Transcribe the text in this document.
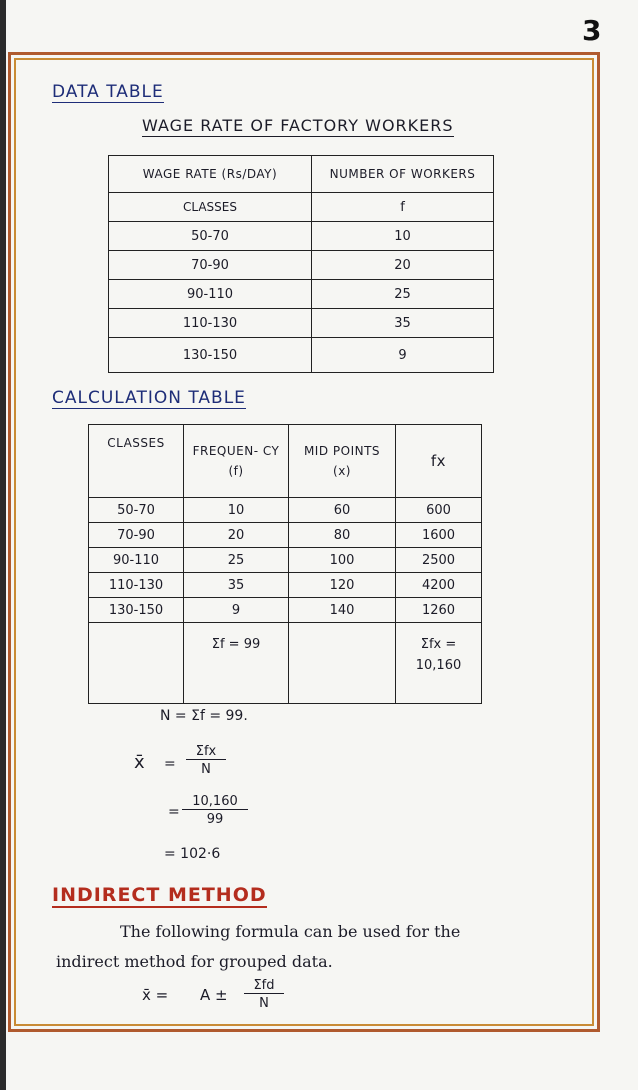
3
DATA TABLE
WAGE RATE OF FACTORY WORKERS
WAGE RATE (Rs/DAY)	NUMBER OF WORKERS
CLASSES	f
50-70	10
70-90	20
90-110	25
110-130	35
130-150	9
CALCULATION TABLE
CLASSES	FREQUEN- CY (f)	MID POINTS (x)	fx
50-70	10	60	600
70-90	20	80	1600
90-110	25	100	2500
110-130	35	120	4200
130-150	9	140	1260
	Σf = 99		Σfx =
10,160
N = Σf = 99.
x̄ =
Σfx
N
= $\frac{10,160}{99}$
= 102·6
INDIRECT METHOD
The following formula can be used for the
indirect method for grouped data.
x̄ = A ±
Σfd
N
